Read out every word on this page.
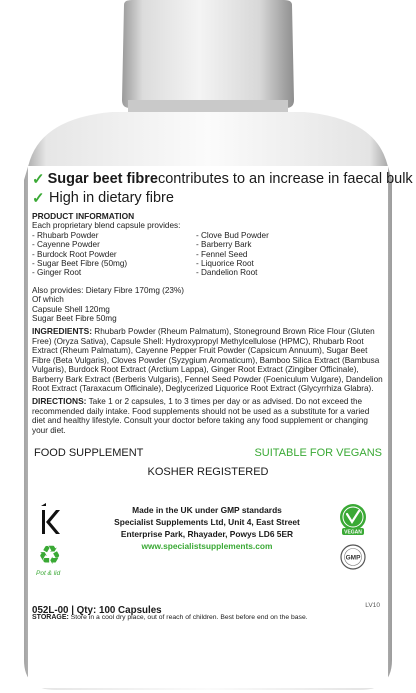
✓ Sugar beet fibre contributes to an increase in faecal bulk
✓ High in dietary fibre
PRODUCT INFORMATION
Each proprietary blend capsule provides:
- Rhubarb Powder
- Cayenne Powder
- Burdock Root Powder
- Sugar Beet Fibre (50mg)
- Ginger Root
- Clove Bud Powder
- Barberry Bark
- Fennel Seed
- Liquorice Root
- Dandelion Root
Also provides: Dietary Fibre 170mg (23%)
Of which
Capsule Shell 120mg
Sugar Beet Fibre 50mg
INGREDIENTS: Rhubarb Powder (Rheum Palmatum), Stoneground Brown Rice Flour (Gluten Free) (Oryza Sativa), Capsule Shell: Hydroxypropyl Methylcellulose (HPMC), Rhubarb Root Extract (Rheum Palmatum), Cayenne Pepper Fruit Powder (Capsicum Annuum), Sugar Beet Fibre (Beta Vulgaris), Cloves Powder (Syzygium Aromaticum), Bamboo Silica Extract (Bambusa Vulgaris), Burdock Root Extract (Arctium Lappa), Ginger Root Extract (Zingiber Officinale), Barberry Bark Extract (Berberis Vulgaris), Fennel Seed Powder (Foeniculum Vulgare), Dandelion Root Extract (Taraxacum Officinale), Deglycerized Liquorice Root Extract (Glycyrrhiza Glabra).
DIRECTIONS: Take 1 or 2 capsules, 1 to 3 times per day or as advised. Do not exceed the recommended daily intake. Food supplements should not be used as a substitute for a varied diet and healthy lifestyle. Consult your doctor before taking any food supplement or changing your diet.
FOOD SUPPLEMENT	SUITABLE FOR VEGANS
KOSHER REGISTERED
♻
Pot & lid
Made in the UK under GMP standards
Specialist Supplements Ltd, Unit 4, East Street
Enterprise Park, Rhayader, Powys LD6 5ER
www.specialistsupplements.com
VEGAN
GMP
LV10
052L-00 | Qty: 100 Capsules
STORAGE: Store in a cool dry place, out of reach of children. Best before end on the base.
